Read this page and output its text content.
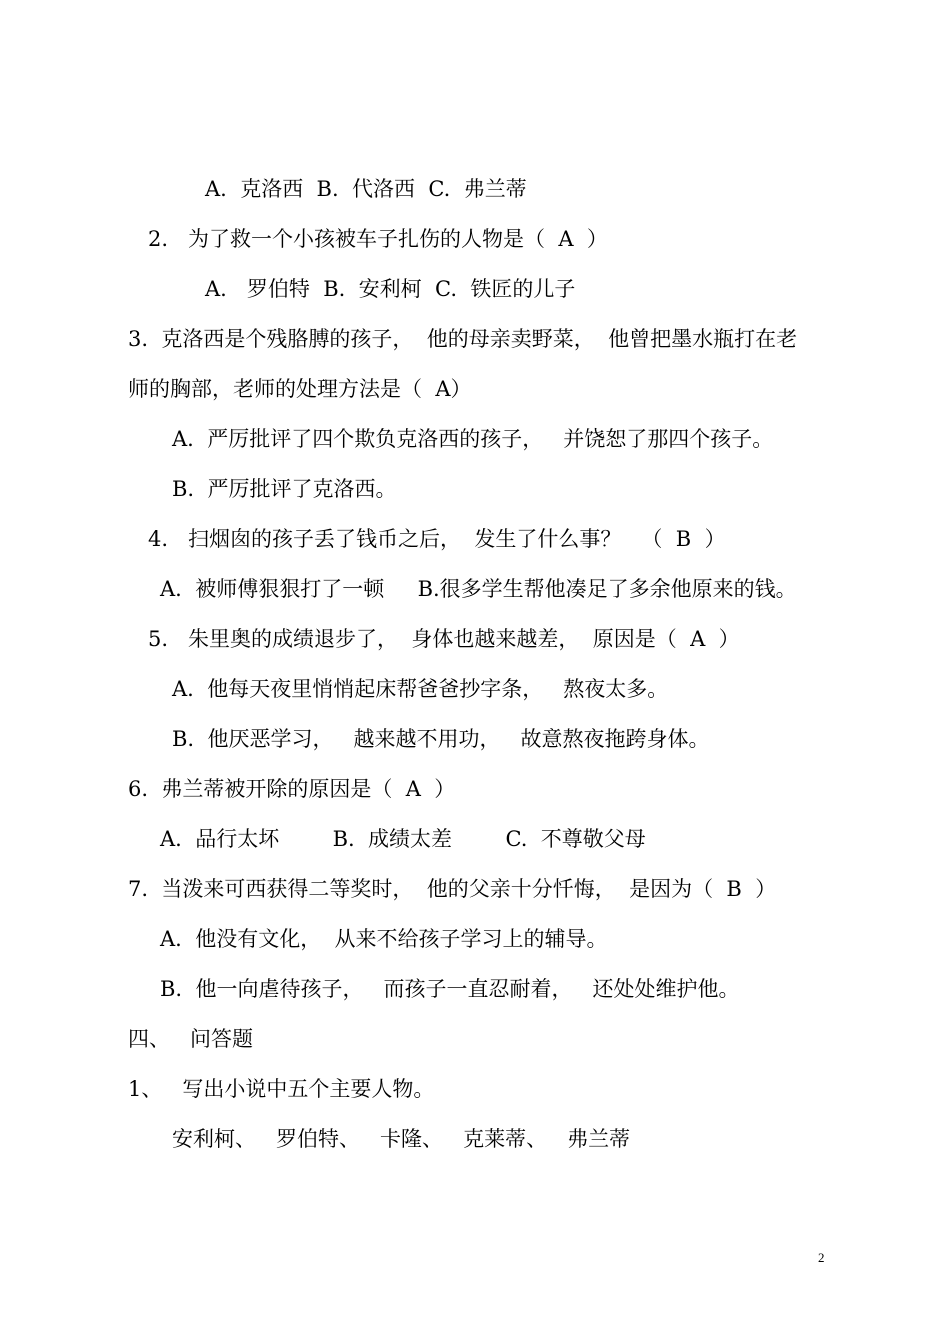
A.  克洛西  B.  代洛西  C.  弗兰蒂
2.   为了救一个小孩被车子扎伤的人物是（  A  ）
A.   罗伯特  B.  安利柯  C.  铁匠的儿子
3.  克洛西是个残胳膊的孩子，  他的母亲卖野菜，  他曾把墨水瓶打在老
师的胸部，老师的处理方法是（  A）
A.  严厉批评了四个欺负克洛西的孩子，   并饶恕了那四个孩子。
B.  严厉批评了克洛西。
4.   扫烟囱的孩子丢了钱币之后，  发生了什么事？   （  B  ）
A.  被师傅狠狠打了一顿     B.很多学生帮他凑足了多余他原来的钱。
5.   朱里奥的成绩退步了，  身体也越来越差，  原因是（  A  ）
A.  他每天夜里悄悄起床帮爸爸抄字条，   熬夜太多。
B.  他厌恶学习，   越来越不用功，   故意熬夜拖跨身体。
6.  弗兰蒂被开除的原因是（  A  ）
A.  品行太坏        B.  成绩太差        C.  不尊敬父母
7.  当泼来可西获得二等奖时，  他的父亲十分忏悔，  是因为（  B  ）
A.  他没有文化，  从来不给孩子学习上的辅导。
B.  他一向虐待孩子，   而孩子一直忍耐着，   还处处维护他。
四、   问答题
1、   写出小说中五个主要人物。
安利柯、   罗伯特、   卡隆、   克莱蒂、   弗兰蒂
2
